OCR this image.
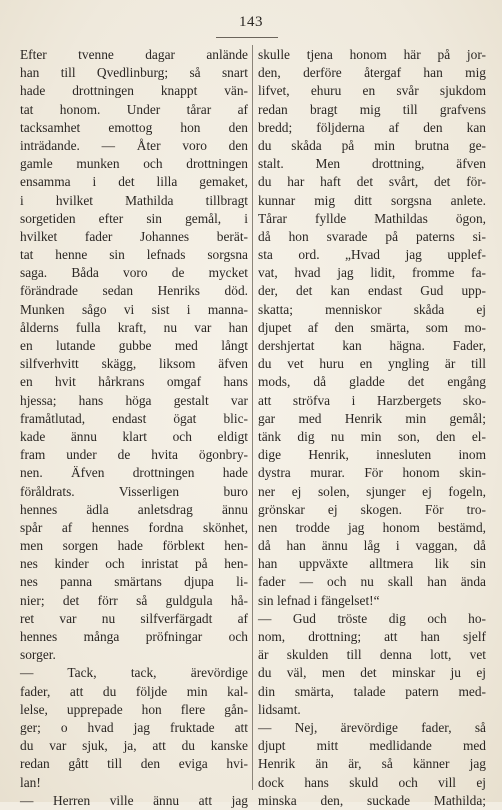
143
Efter tvenne dagar anlände
han till Qvedlinburg; så snart
hade drottningen knappt vän-
tat honom. Under tårar af
tacksamhet emottog hon den
inträdande. — Åter voro den
gamle munken och drottningen
ensamma i det lilla gemaket,
i hvilket Mathilda tillbragt
sorgetiden efter sin gemål, i
hvilket fader Johannes berät-
tat henne sin lefnads sorgsna
saga. Båda voro de mycket
förändrade sedan Henriks död.
Munken sågo vi sist i manna-
ålderns fulla kraft, nu var han
en lutande gubbe med långt
silfverhvitt skägg, liksom äfven
en hvit hårkrans omgaf hans
hjessa; hans höga gestalt var
framåtlutad, endast ögat blic-
kade ännu klart och eldigt
fram under de hvita ögonbry-
nen. Äfven drottningen hade
föråldrats. Visserligen buro
hennes ädla anletsdrag ännu
spår af hennes fordna skönhet,
men sorgen hade förbleкt hen-
nes kinder och inristat på hen-
nes panna smärtans djupa li-
nier; det förr så guldgula hå-
ret var nu silfverfärgadt af
hennes många pröfningar och
sorger.
— Tack, tack, ärevördige
fader, att du följde min kal-
lelse, upprepade hon flere gån-
ger; o hvad jag fruktade att
du var sjuk, ja, att du kanske
redan gått till den eviga hvi-
lan!
— Herren ville ännu att jag
skulle tjena honom här på jor-
den, derföre återgaf han mig
lifvet, ehuru en svår sjukdom
redan bragt mig till grafvens
bredd; följderna af den kan
du skåda på min brutna ge-
stalt. Men drottning, äfven
du har haft det svårt, det för-
kunnar mig ditt sorgsna anlete.
Tårar fyllde Mathildas ögon,
då hon svarade på paterns si-
sta ord. „Hvad jag upplef-
vat, hvad jag lidit, fromme fa-
der, det kan endast Gud upp-
skatta; menniskor skåda ej
djupet af den smärta, som mo-
dershjertat kan hägna. Fader,
du vet huru en yngling är till
mods, då gladde det engång
att ströfva i Harzbergets sko-
gar med Henrik min gemål;
tänk dig nu min son, den el-
dige Henrik, innesluten inom
dystra murar. För honom skin-
ner ej solen, sjunger ej fogeln,
grönskar ej skogen. För tro-
nen trodde jag honom bestämd,
då han ännu låg i vaggan, då
han uppväxte alltmera lik sin
fader — och nu skall han ända
sin lefnad i fängelset!“
— Gud tröste dig och ho-
nom, drottning; att han sjelf
är skulden till denna lott, vet
du väl, men det minskar ju ej
din smärta, talade patern med-
lidsamt.
— Nej, ärevördige fader, så
djupt mitt medlidande med
Henrik än är, så känner jag
dock hans skuld och vill ej
minska den, suckade Mathilda;
